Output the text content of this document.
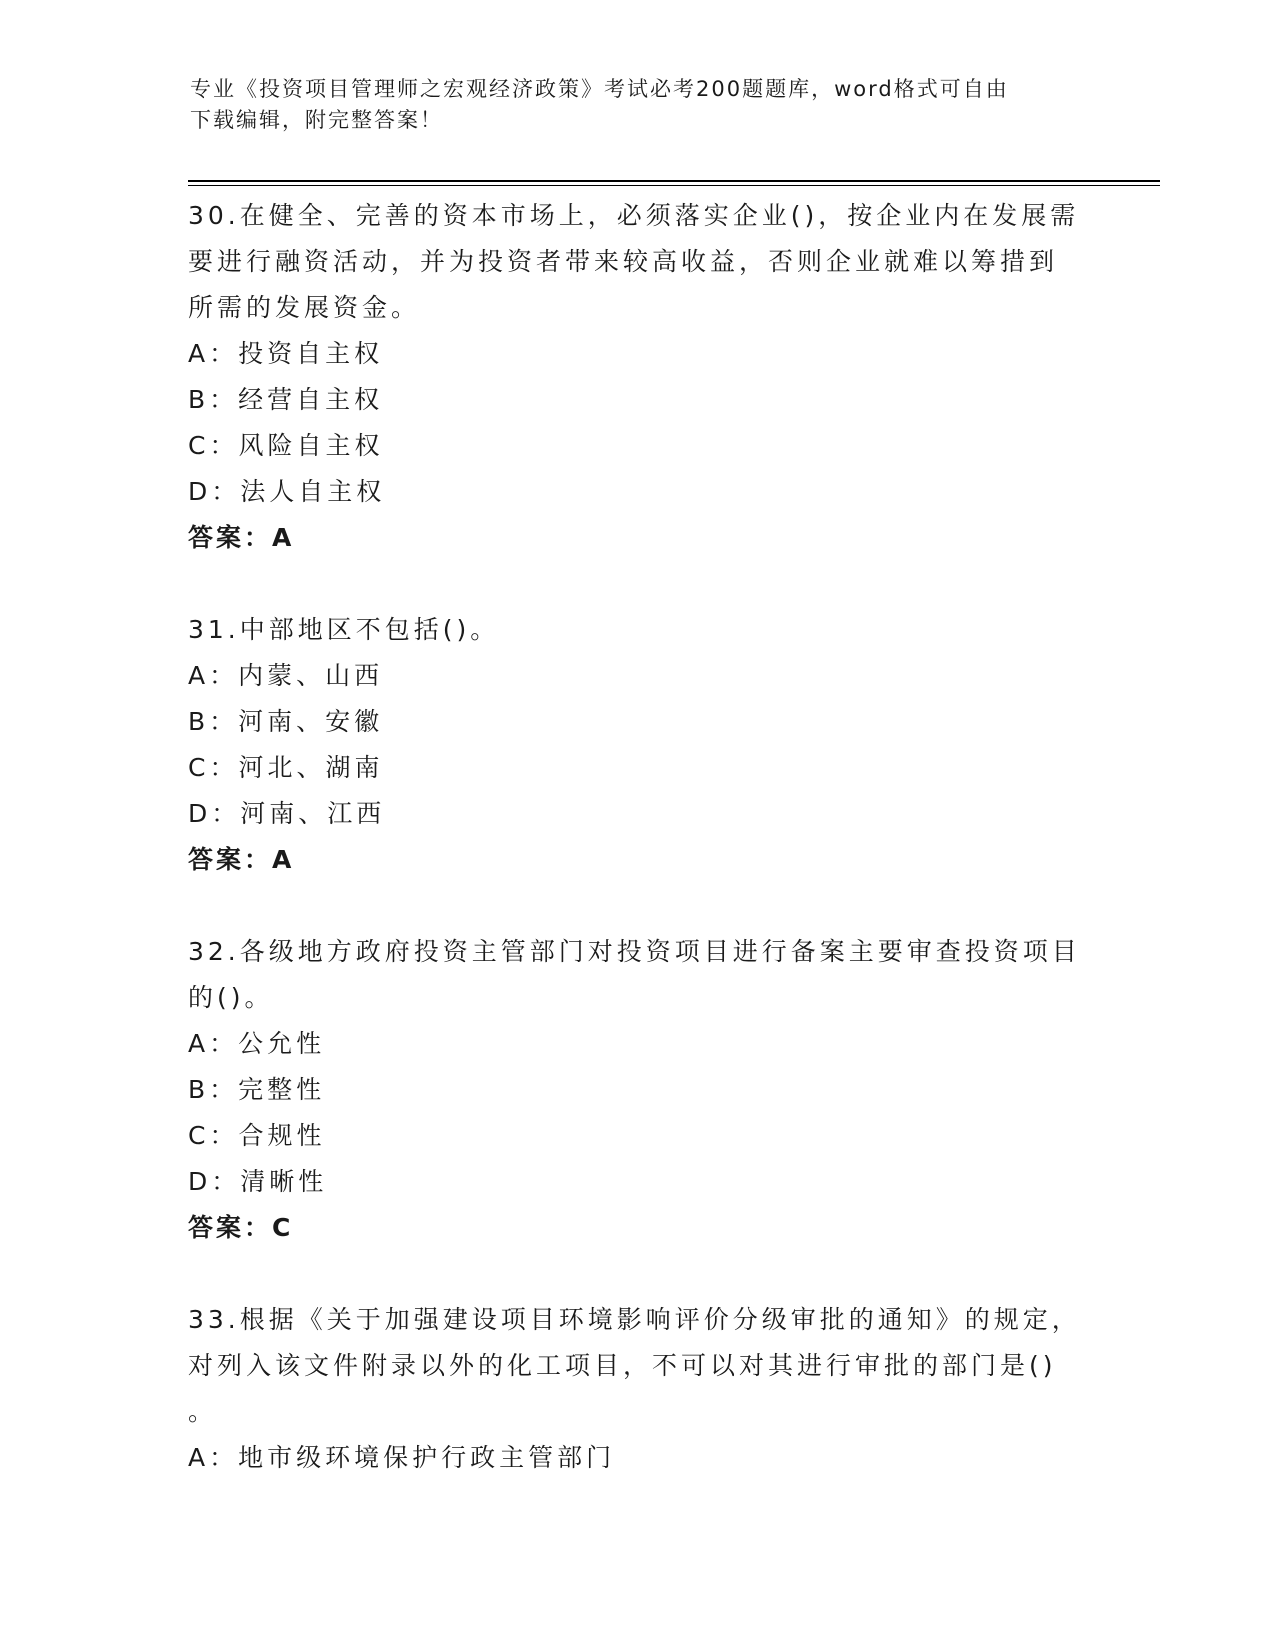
专业《投资项目管理师之宏观经济政策》考试必考200题题库，word格式可自由
下载编辑，附完整答案！
30.在健全、完善的资本市场上，必须落实企业()，按企业内在发展需
要进行融资活动，并为投资者带来较高收益，否则企业就难以筹措到
所需的发展资金。
A：投资自主权
B：经营自主权
C：风险自主权
D：法人自主权
答案：A
31.中部地区不包括()。
A：内蒙、山西
B：河南、安徽
C：河北、湖南
D：河南、江西
答案：A
32.各级地方政府投资主管部门对投资项目进行备案主要审查投资项目
的()。
A：公允性
B：完整性
C：合规性
D：清晰性
答案：C
33.根据《关于加强建设项目环境影响评价分级审批的通知》的规定，
对列入该文件附录以外的化工项目，不可以对其进行审批的部门是()
。
A：地市级环境保护行政主管部门
